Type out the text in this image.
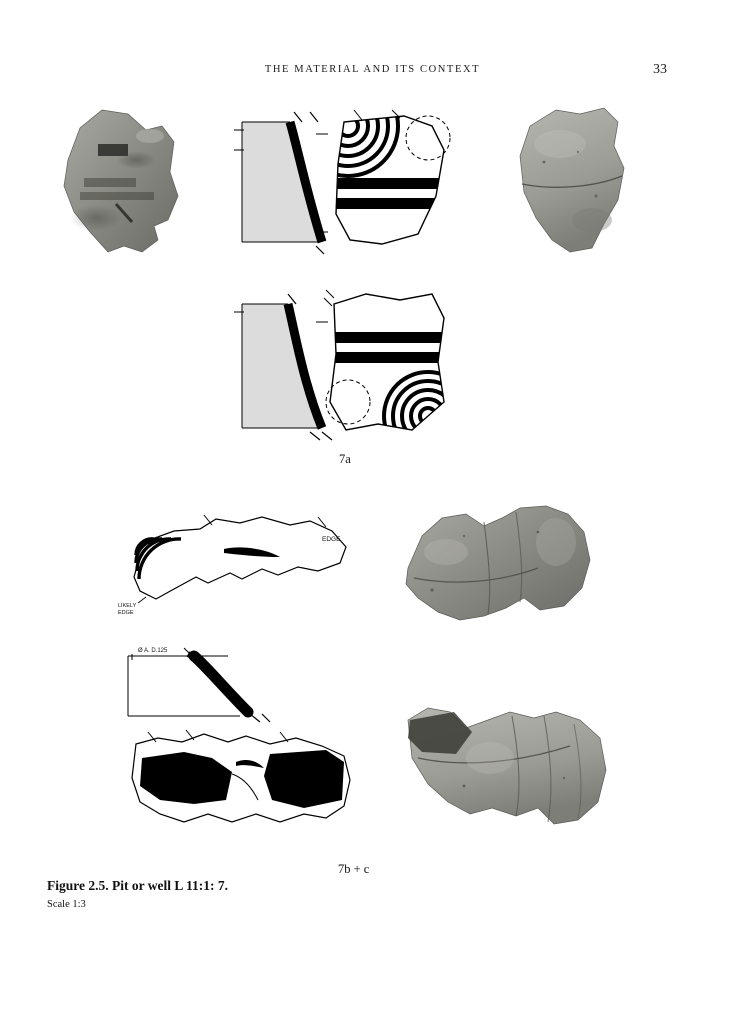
THE MATERIAL AND ITS CONTEXT	33
7a
EDGE
LIKELY
EDGE
Ø A. D.125
7b + c
Figure 2.5. Pit or well L 11:1: 7.
Scale 1:3
